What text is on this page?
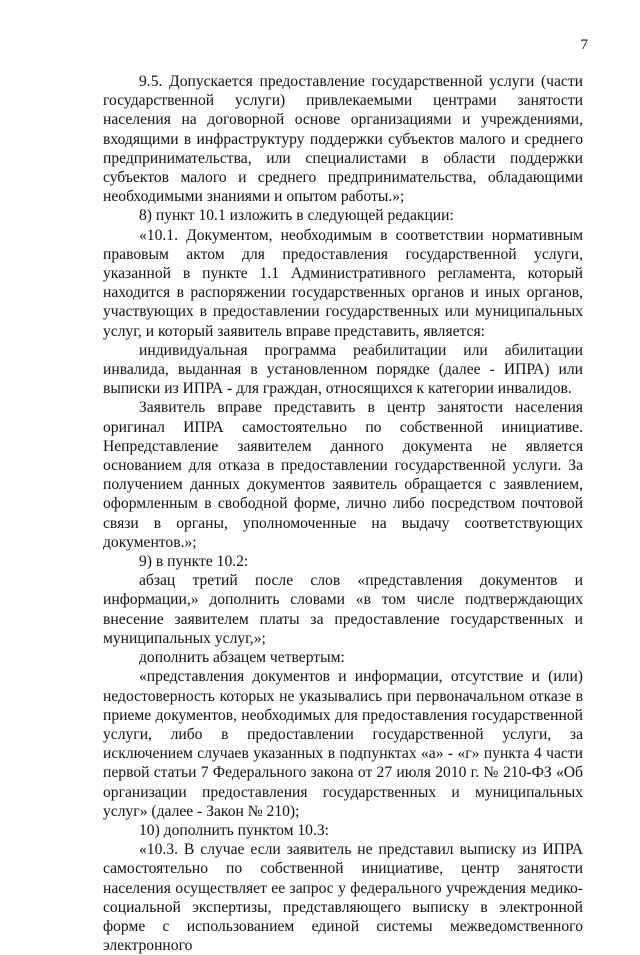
7

9.5. Допускается предоставление государственной услуги (части государственной услуги) привлекаемыми центрами занятости населения на договорной основе организациями и учреждениями, входящими в инфраструктуру поддержки субъектов малого и среднего предпринимательства, или специалистами в области поддержки субъектов малого и среднего предпринимательства, обладающими необходимыми знаниями и опытом работы.»;

8) пункт 10.1 изложить в следующей редакции:

«10.1. Документом, необходимым в соответствии нормативным правовым актом для предоставления государственной услуги, указанной в пункте 1.1 Административного регламента, который находится в распоряжении государственных органов и иных органов, участвующих в предоставлении государственных или муниципальных услуг, и который заявитель вправе представить, является:

индивидуальная программа реабилитации или абилитации инвалида, выданная в установленном порядке (далее - ИПРА) или выписки из ИПРА - для граждан, относящихся к категории инвалидов.

Заявитель вправе представить в центр занятости населения оригинал ИПРА самостоятельно по собственной инициативе. Непредставление заявителем данного документа не является основанием для отказа в предоставлении государственной услуги. За получением данных документов заявитель обращается с заявлением, оформленным в свободной форме, лично либо посредством почтовой связи в органы, уполномоченные на выдачу соответствующих документов.»;

9) в пункте 10.2:

абзац третий после слов «представления документов и информации,» дополнить словами «в том числе подтверждающих внесение заявителем платы за предоставление государственных и муниципальных услуг,»;

дополнить абзацем четвертым:

«представления документов и информации, отсутствие и (или) недостоверность которых не указывались при первоначальном отказе в приеме документов, необходимых для предоставления государственной услуги, либо в предоставлении государственной услуги, за исключением случаев указанных в подпунктах «а» - «г» пункта 4 части первой статьи 7 Федерального закона от 27 июля 2010 г. № 210-ФЗ «Об организации предоставления государственных и муниципальных услуг» (далее - Закон № 210);

10) дополнить пунктом 10.3:

«10.3. В случае если заявитель не представил выписку из ИПРА самостоятельно по собственной инициативе, центр занятости населения осуществляет ее запрос у федерального учреждения медико-социальной экспертизы, представляющего выписку в электронной форме с использованием единой системы межведомственного электронного
